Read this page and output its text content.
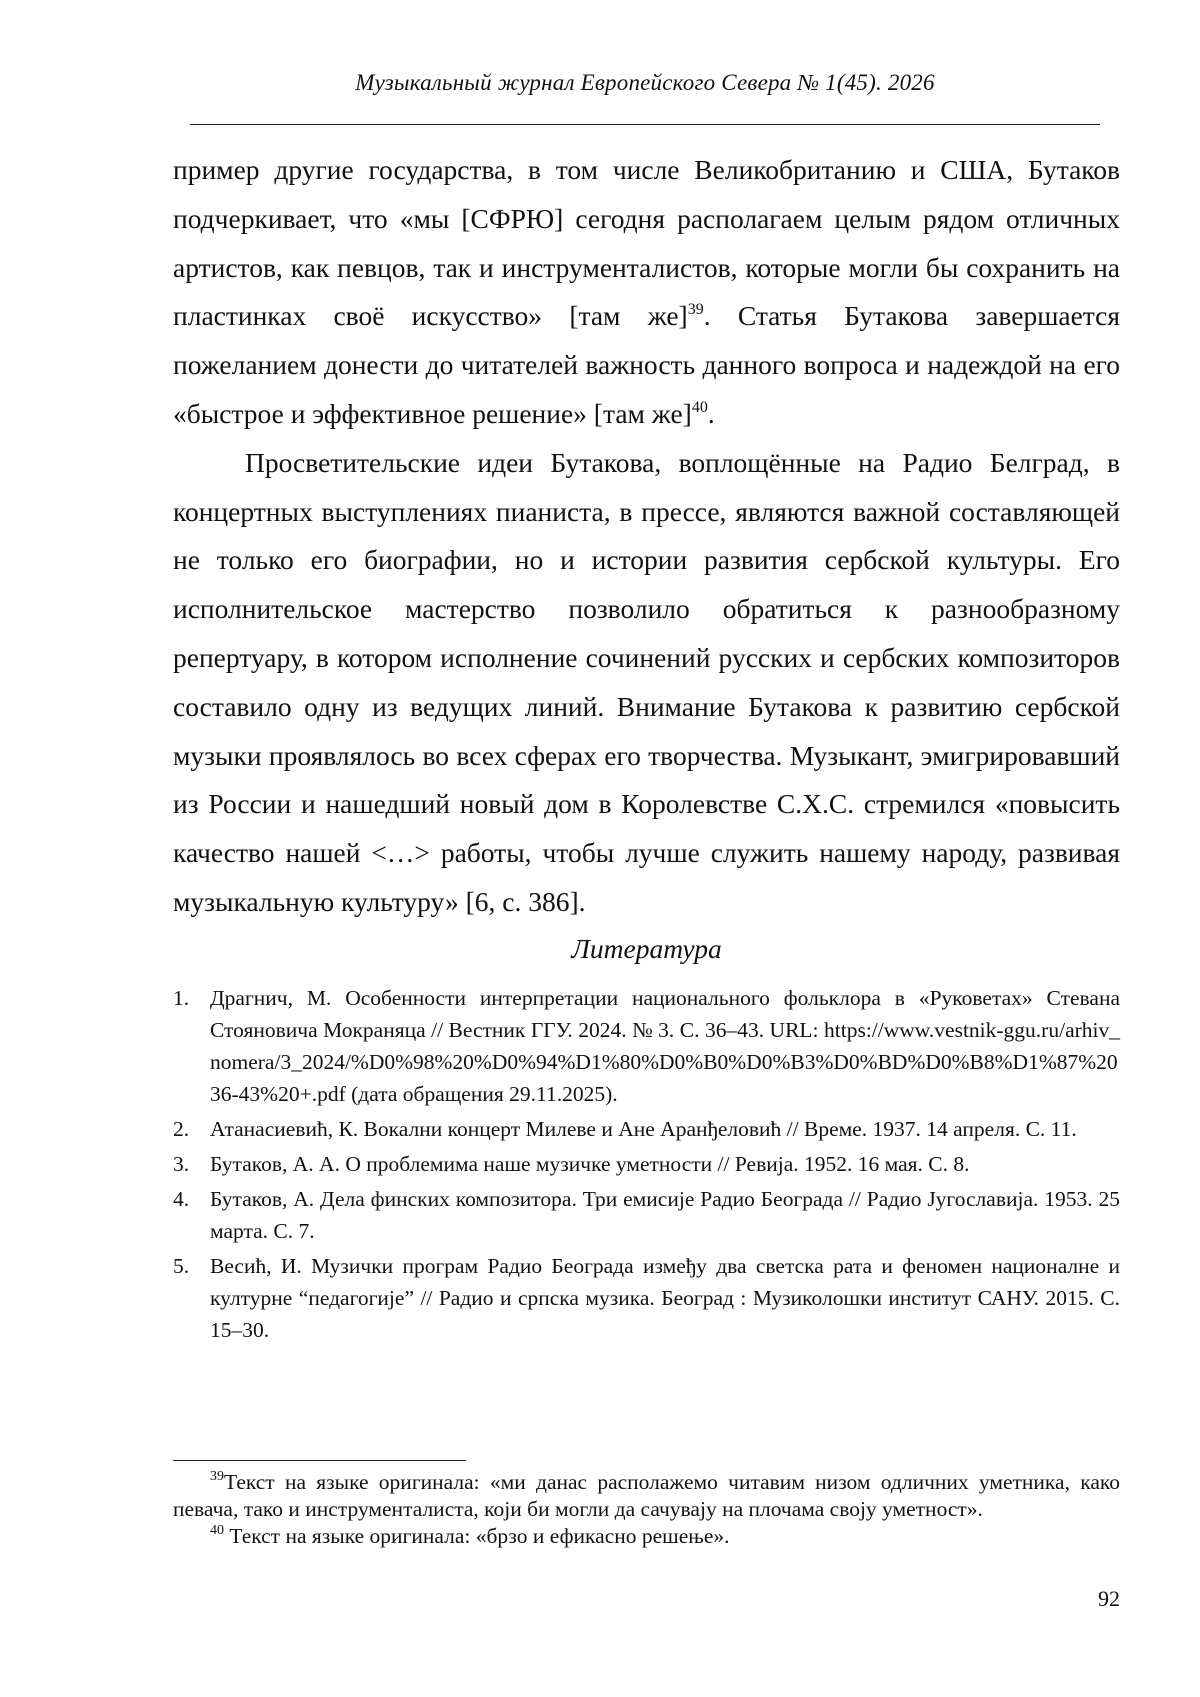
Музыкальный журнал Европейского Севера № 1(45). 2026

пример другие государства, в том числе Великобританию и США, Бутаков подчеркивает, что «мы [СФРЮ] сегодня располагаем целым рядом отличных артистов, как певцов, так и инструменталистов, которые могли бы сохранить на пластинках своё искусство» [там же]$^{39}$. Статья Бутакова завершается пожеланием донести до читателей важность данного вопроса и надеждой на его «быстрое и эффективное решение» [там же]$^{40}$.

Просветительские идеи Бутакова, воплощённые на Радио Белград, в концертных выступлениях пианиста, в прессе, являются важной составляющей не только его биографии, но и истории развития сербской культуры. Его исполнительское мастерство позволило обратиться к разнообразному репертуару, в котором исполнение сочинений русских и сербских композиторов составило одну из ведущих линий. Внимание Бутакова к развитию сербской музыки проявлялось во всех сферах его творчества. Музыкант, эмигрировавший из России и нашедший новый дом в Королевстве С.Х.С. стремился «повысить качество нашей <…> работы, чтобы лучше служить нашему народу, развивая музыкальную культуру» [6, с. 386].

Литература
1. Драгнич, М. Особенности интерпретации национального фольклора в «Руковетах» Стевана Стояновича Мокраняца // Вестник ГГУ. 2024. № 3. С. 36–43. URL: https://www.vestnik-ggu.ru/arhiv_nomera/3_2024/%D0%98%20%D0%94%D1%80%D0%B0%D0%B3%D0%BD%D0%B8%D1%87%2036-43%20+.pdf (дата обращения 29.11.2025).
2. Атанасиевић, К. Вокални концерт Милеве и Ане Аранђеловић // Време. 1937. 14 апреля. С. 11.
3. Бутаков, А. А. О проблемима наше музичке уметности // Ревија. 1952. 16 мая. С. 8.
4. Бутаков, А. Дела финских композитора. Три емисије Радио Београда // Радио Југославија. 1953. 25 марта. С. 7.
5. Весић, И. Музички програм Радио Београда између два светска рата и феномен националне и културне “педагогије” // Радио и српска музика. Београд : Музиколошки институт САНУ. 2015. С. 15–30.

$^{39}$Текст на языке оригинала: «ми данас располажемо читавим низом одличних уметника, како певача, тако и инструменталиста, који би могли да сачувају на плочама своју уметност».

$^{40}$ Текст на языке оригинала: «брзо и ефикасно решење».

92
